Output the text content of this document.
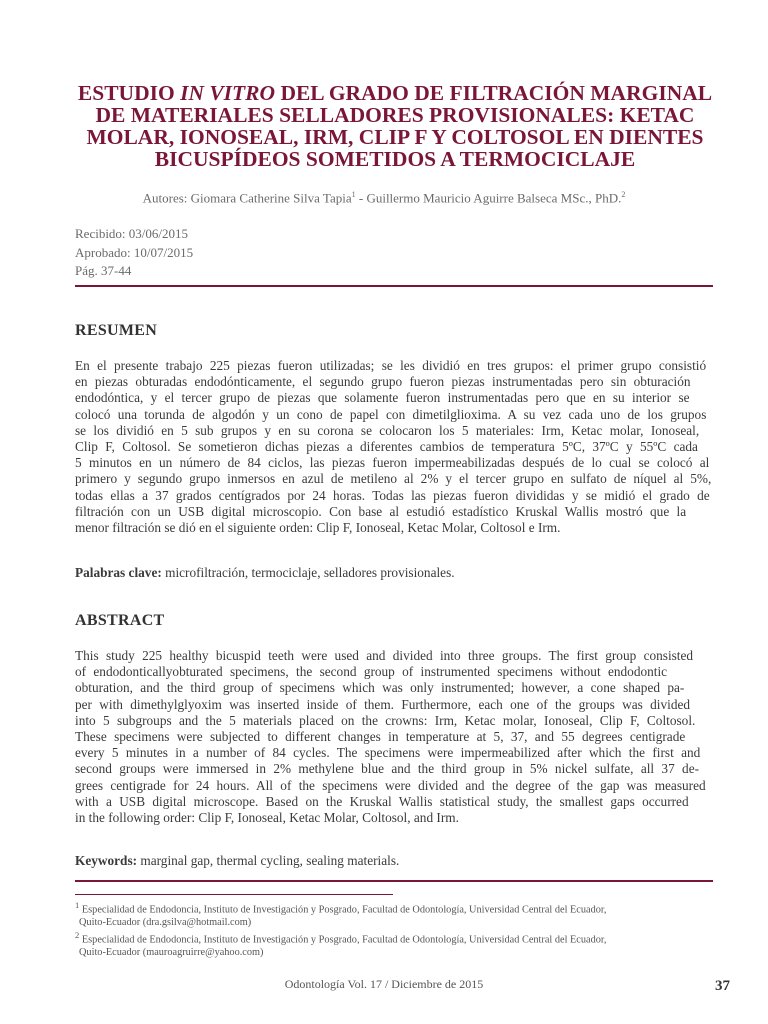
ESTUDIO IN VITRO DEL GRADO DE FILTRACIÓN MARGINAL
DE MATERIALES SELLADORES PROVISIONALES: KETAC
MOLAR, IONOSEAL, IRM, CLIP F Y COLTOSOL EN DIENTES
BICUSPÍDEOS SOMETIDOS A TERMOCICLAJE
Autores: Giomara Catherine Silva Tapia$^1$ - Guillermo Mauricio Aguirre Balseca MSc., PhD.$^2$
Recibido: 03/06/2015
Aprobado: 10/07/2015
Pág. 37-44
RESUMEN
En el presente trabajo 225 piezas fueron utilizadas; se les dividió en tres grupos: el primer grupo consistió
en piezas obturadas endodónticamente, el segundo grupo fueron piezas instrumentadas pero sin obturación
endodóntica, y el tercer grupo de piezas que solamente fueron instrumentadas pero que en su interior se
colocó una torunda de algodón y un cono de papel con dimetilglioxima. A su vez cada uno de los grupos
se los dividió en 5 sub grupos y en su corona se colocaron los 5 materiales: Irm, Ketac molar, Ionoseal,
Clip F, Coltosol. Se sometieron dichas piezas a diferentes cambios de temperatura 5ºC, 37ºC y 55ºC cada
5 minutos en un número de 84 ciclos, las piezas fueron impermeabilizadas después de lo cual se colocó al
primero y segundo grupo inmersos en azul de metileno al 2% y el tercer grupo en sulfato de níquel al 5%,
todas ellas a 37 grados centígrados por 24 horas. Todas las piezas fueron divididas y se midió el grado de
filtración con un USB digital microscopio. Con base al estudió estadístico Kruskal Wallis mostró que la
menor filtración se dió en el siguiente orden: Clip F, Ionoseal, Ketac Molar, Coltosol e Irm.
Palabras clave: microfiltración, termociclaje, selladores provisionales.
ABSTRACT
This study 225 healthy bicuspid teeth were used and divided into three groups. The first group consisted
of endodonticallyobturated specimens, the second group of instrumented specimens without endodontic
obturation, and the third group of specimens which was only instrumented; however, a cone shaped pa-
per with dimethylglyoxim was inserted inside of them. Furthermore, each one of the groups was divided
into 5 subgroups and the 5 materials placed on the crowns: Irm, Ketac molar, Ionoseal, Clip F, Coltosol.
These specimens were subjected to different changes in temperature at 5, 37, and 55 degrees centigrade
every 5 minutes in a number of 84 cycles. The specimens were impermeabilized after which the first and
second groups were immersed in 2% methylene blue and the third group in 5% nickel sulfate, all 37 de-
grees centigrade for 24 hours. All of the specimens were divided and the degree of the gap was measured
with a USB digital microscope. Based on the Kruskal Wallis statistical study, the smallest gaps occurred
in the following order: Clip F, Ionoseal, Ketac Molar, Coltosol, and Irm.
Keywords: marginal gap, thermal cycling, sealing materials.
$^1$ Especialidad de Endodoncia, Instituto de Investigación y Posgrado, Facultad de Odontología, Universidad Central del Ecuador,
Quito-Ecuador (dra.gsilva@hotmail.com)
$^2$ Especialidad de Endodoncia, Instituto de Investigación y Posgrado, Facultad de Odontología, Universidad Central del Ecuador,
Quito-Ecuador (mauroagruirre@yahoo.com)
Odontología Vol. 17 / Diciembre de 2015	37
